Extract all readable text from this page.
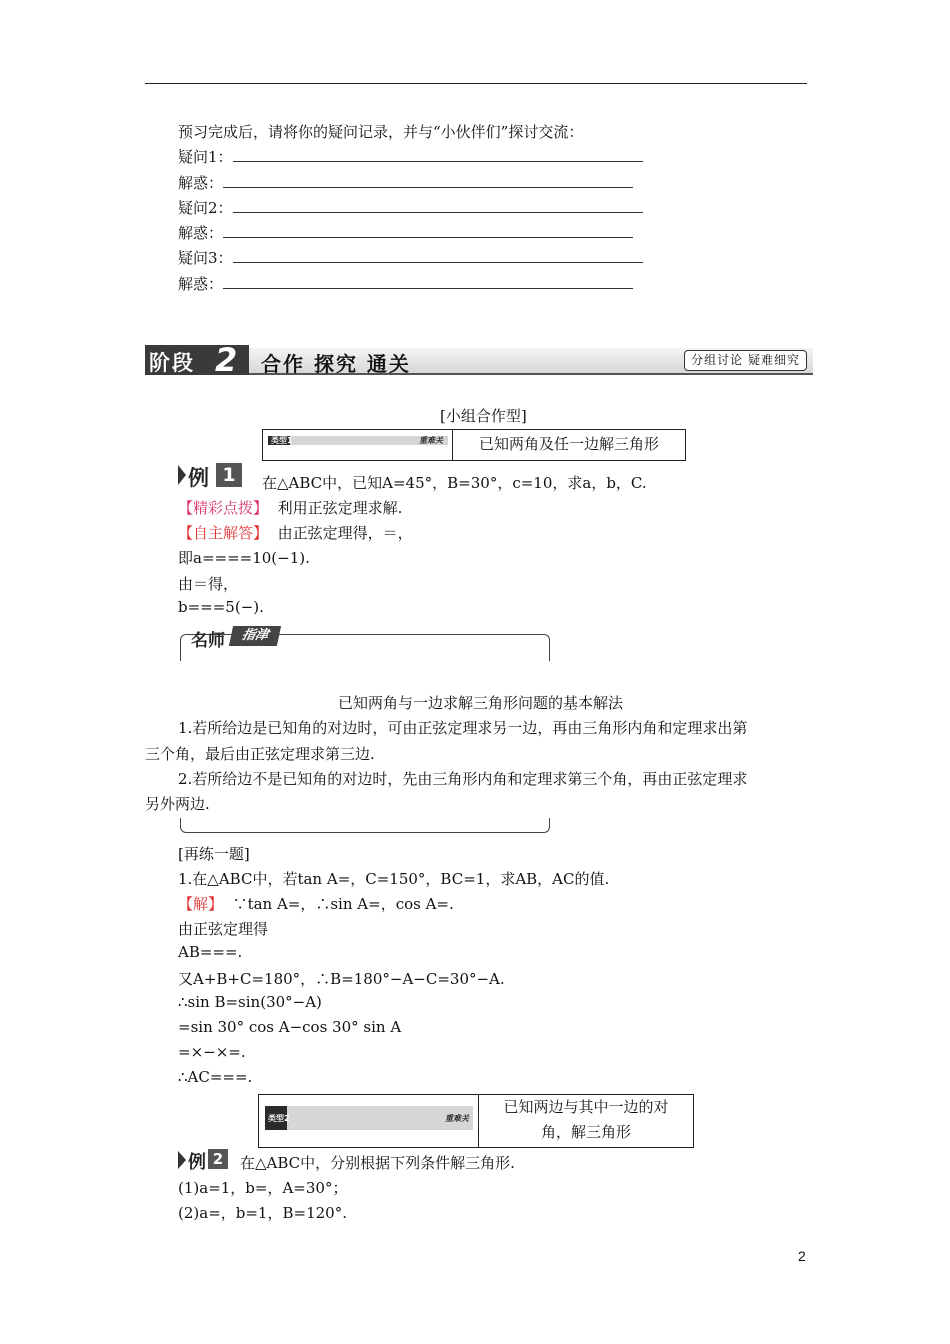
预习完成后，请将你的疑问记录，并与“小伙伴们”探讨交流：
疑问1：
解惑：
疑问2：
解惑：
疑问3：
解惑：
阶段 2 合作 探究 通关	分组讨论 疑难细究
[小组合作型]
类型1	重难关	已知两角及任一边解三角形
例 1	在△ABC中，已知A=45°，B=30°，c=10，求a，b，C.
【精彩点拨】 利用正弦定理求解.
【自主解答】 由正弦定理得，＝，
即a====10(−1).
由＝得，
b===5(−).
名师	指津
已知两角与一边求解三角形问题的基本解法
1.若所给边是已知角的对边时，可由正弦定理求另一边，再由三角形内角和定理求出第
三个角，最后由正弦定理求第三边.
2.若所给边不是已知角的对边时，先由三角形内角和定理求第三个角，再由正弦定理求
另外两边.
[再练一题]
1.在△ABC中，若tan A=，C=150°，BC=1，求AB，AC的值.
【解】 ∵tan A=，∴sin A=，cos A=.
由正弦定理得
AB===.
又A+B+C=180°，∴B=180°−A−C=30°−A.
∴sin B=sin(30°−A)
=sin 30° cos A−cos 30° sin A
=×−×=.
∴AC===.
类型2	重难关
已知两边与其中一边的对
角，解三角形
例 2	在△ABC中，分别根据下列条件解三角形.
(1)a=1，b=，A=30°；
(2)a=，b=1，B=120°.
2
